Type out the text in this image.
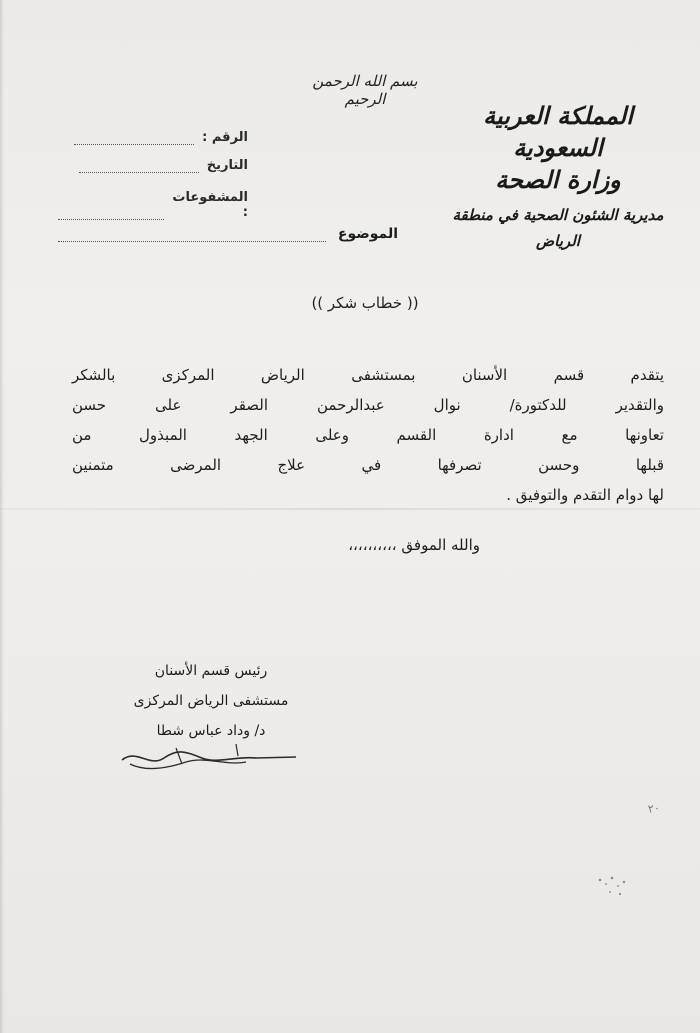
بسم الله الرحمن الرحيم
المملكة العربية السعودية
وزارة الصحة
مديرية الشئون الصحية في منطقة الرياض
الرقم :
التاريخ
المشفوعات :
الموضوع
(( خطاب شكر ))
يتقدم قسم الأسنان بمستشفى الرياض المركزى بالشكر
والتقدير للدكتورة/ نوال عبدالرحمن الصقر على حسن
تعاونها مع ادارة القسم وعلى الجهد المبذول من
قبلها وحسن تصرفها في علاج المرضى متمنين
لها دوام التقدم والتوفيق .
والله الموفق ،،،،،،،،،،
رئيس قسم الأسنان
مستشفى الرياض المركزى
د/ وداد عباس شطا
٢٠
